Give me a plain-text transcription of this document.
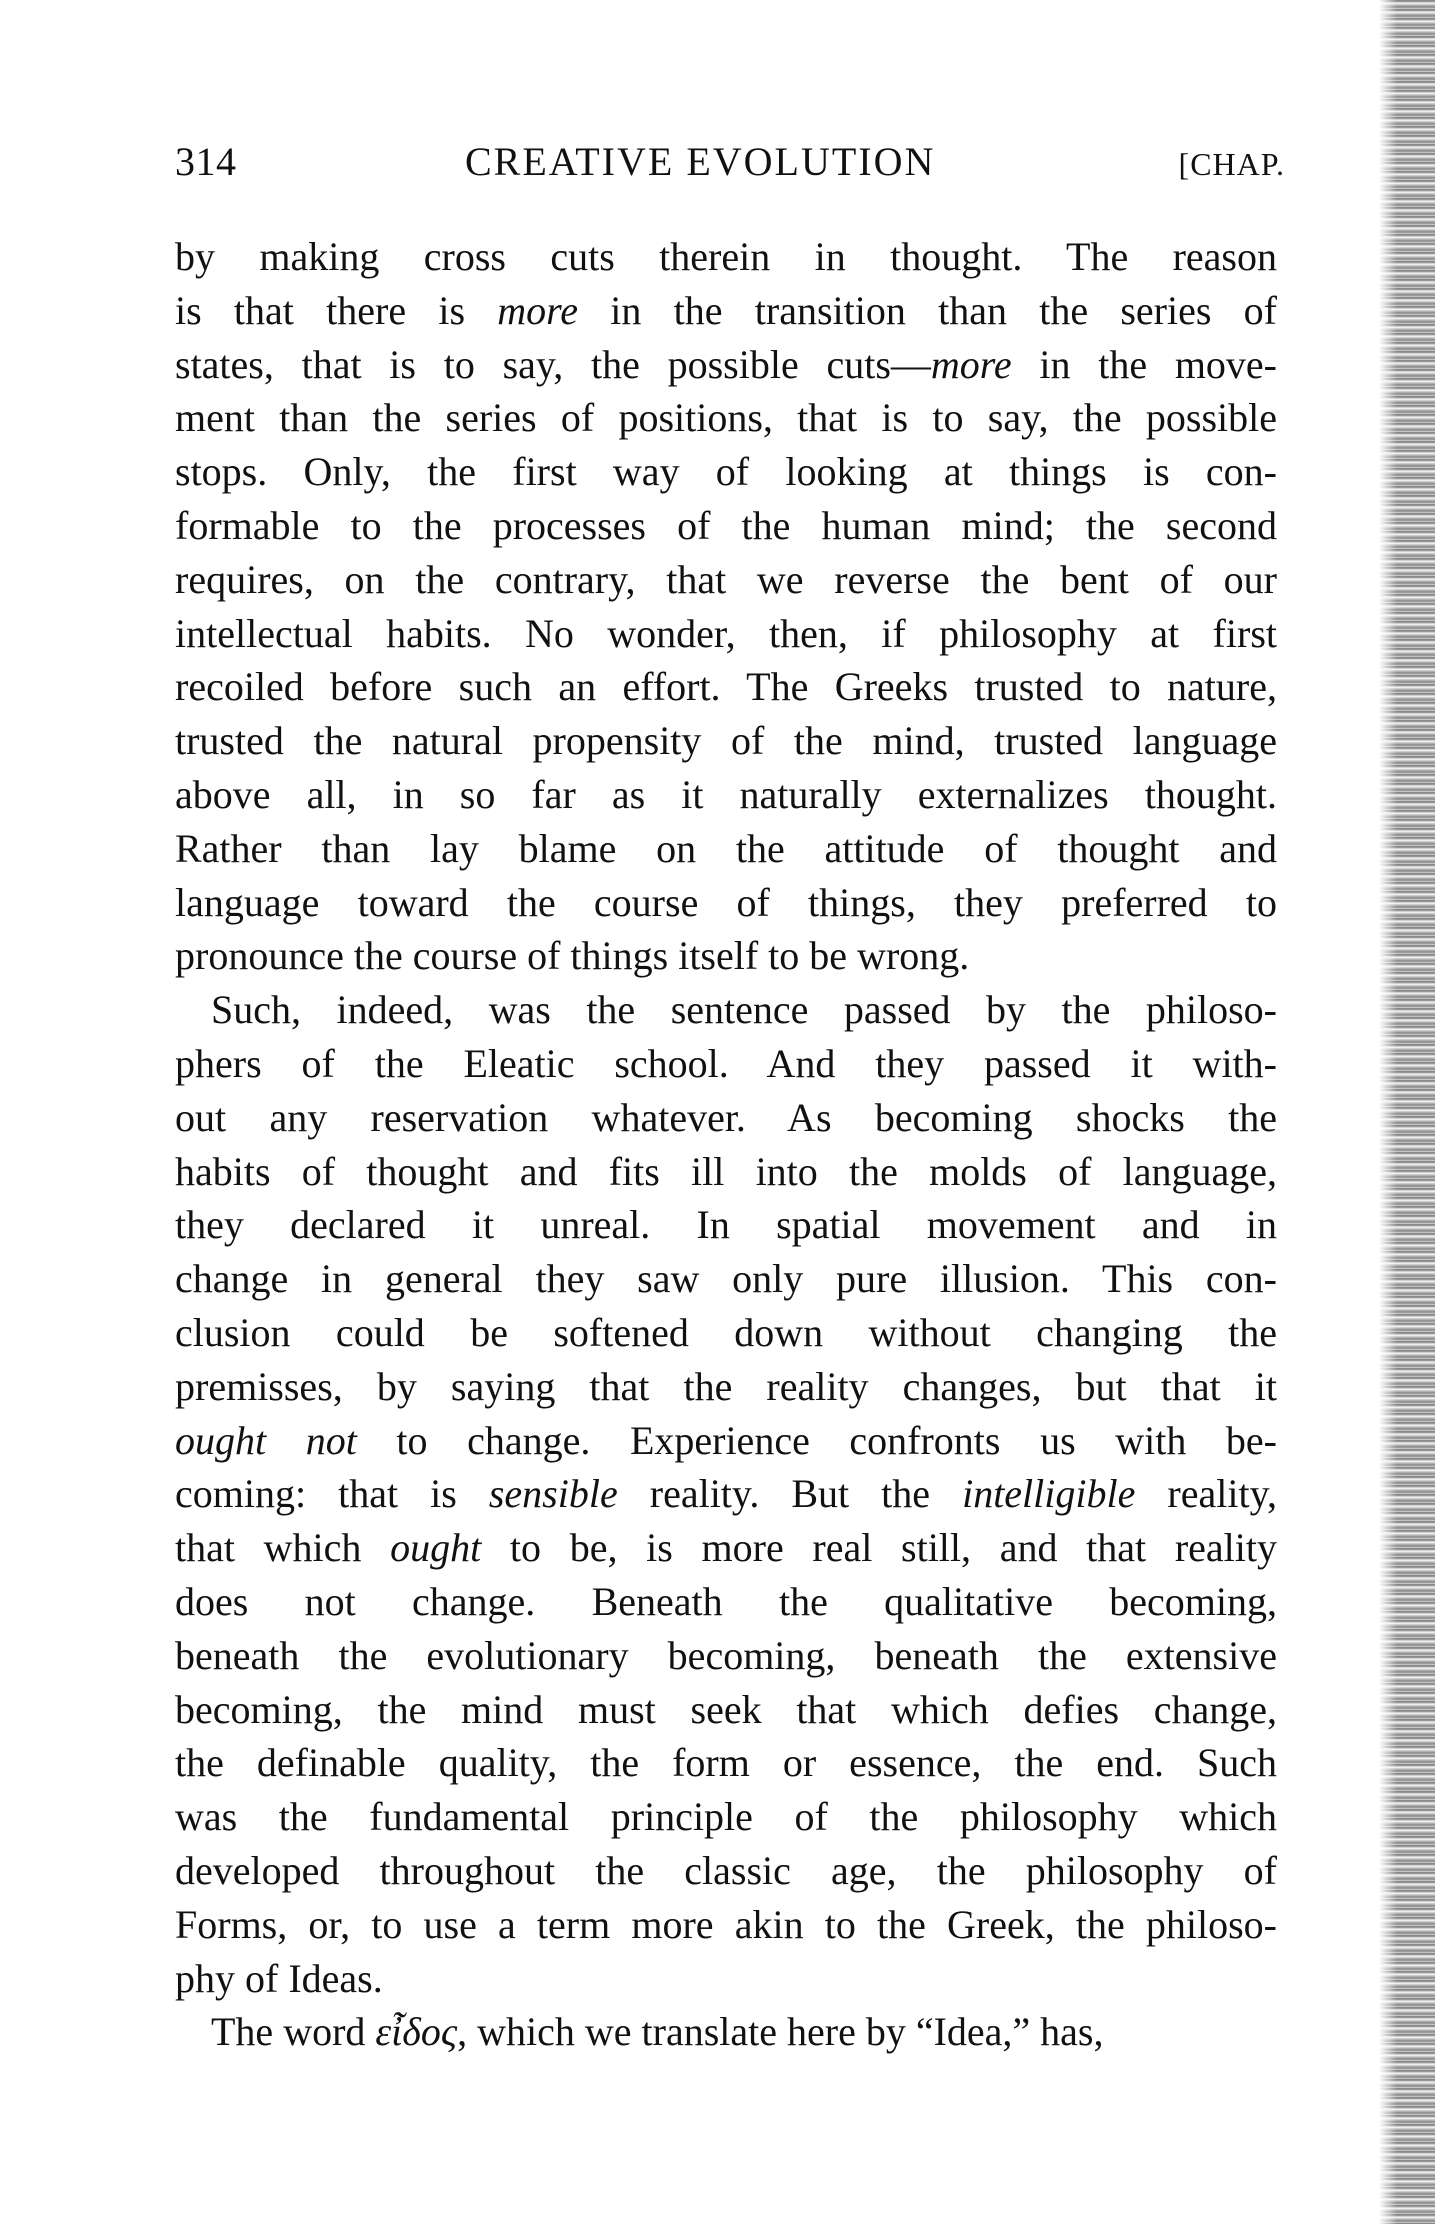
314	CREATIVE EVOLUTION	[CHAP.
by making cross cuts therein in thought. The reason
is that there is more in the transition than the series of
states, that is to say, the possible cuts—more in the move-
ment than the series of positions, that is to say, the possible
stops. Only, the first way of looking at things is con-
formable to the processes of the human mind; the second
requires, on the contrary, that we reverse the bent of our
intellectual habits. No wonder, then, if philosophy at first
recoiled before such an effort. The Greeks trusted to nature,
trusted the natural propensity of the mind, trusted language
above all, in so far as it naturally externalizes thought.
Rather than lay blame on the attitude of thought and
language toward the course of things, they preferred to
pronounce the course of things itself to be wrong.
Such, indeed, was the sentence passed by the philoso-
phers of the Eleatic school. And they passed it with-
out any reservation whatever. As becoming shocks the
habits of thought and fits ill into the molds of language,
they declared it unreal. In spatial movement and in
change in general they saw only pure illusion. This con-
clusion could be softened down without changing the
premisses, by saying that the reality changes, but that it
ought not to change. Experience confronts us with be-
coming: that is sensible reality. But the intelligible reality,
that which ought to be, is more real still, and that reality
does not change. Beneath the qualitative becoming,
beneath the evolutionary becoming, beneath the extensive
becoming, the mind must seek that which defies change,
the definable quality, the form or essence, the end. Such
was the fundamental principle of the philosophy which
developed throughout the classic age, the philosophy of
Forms, or, to use a term more akin to the Greek, the philoso-
phy of Ideas.
The word εἶδος, which we translate here by “Idea,” has,
